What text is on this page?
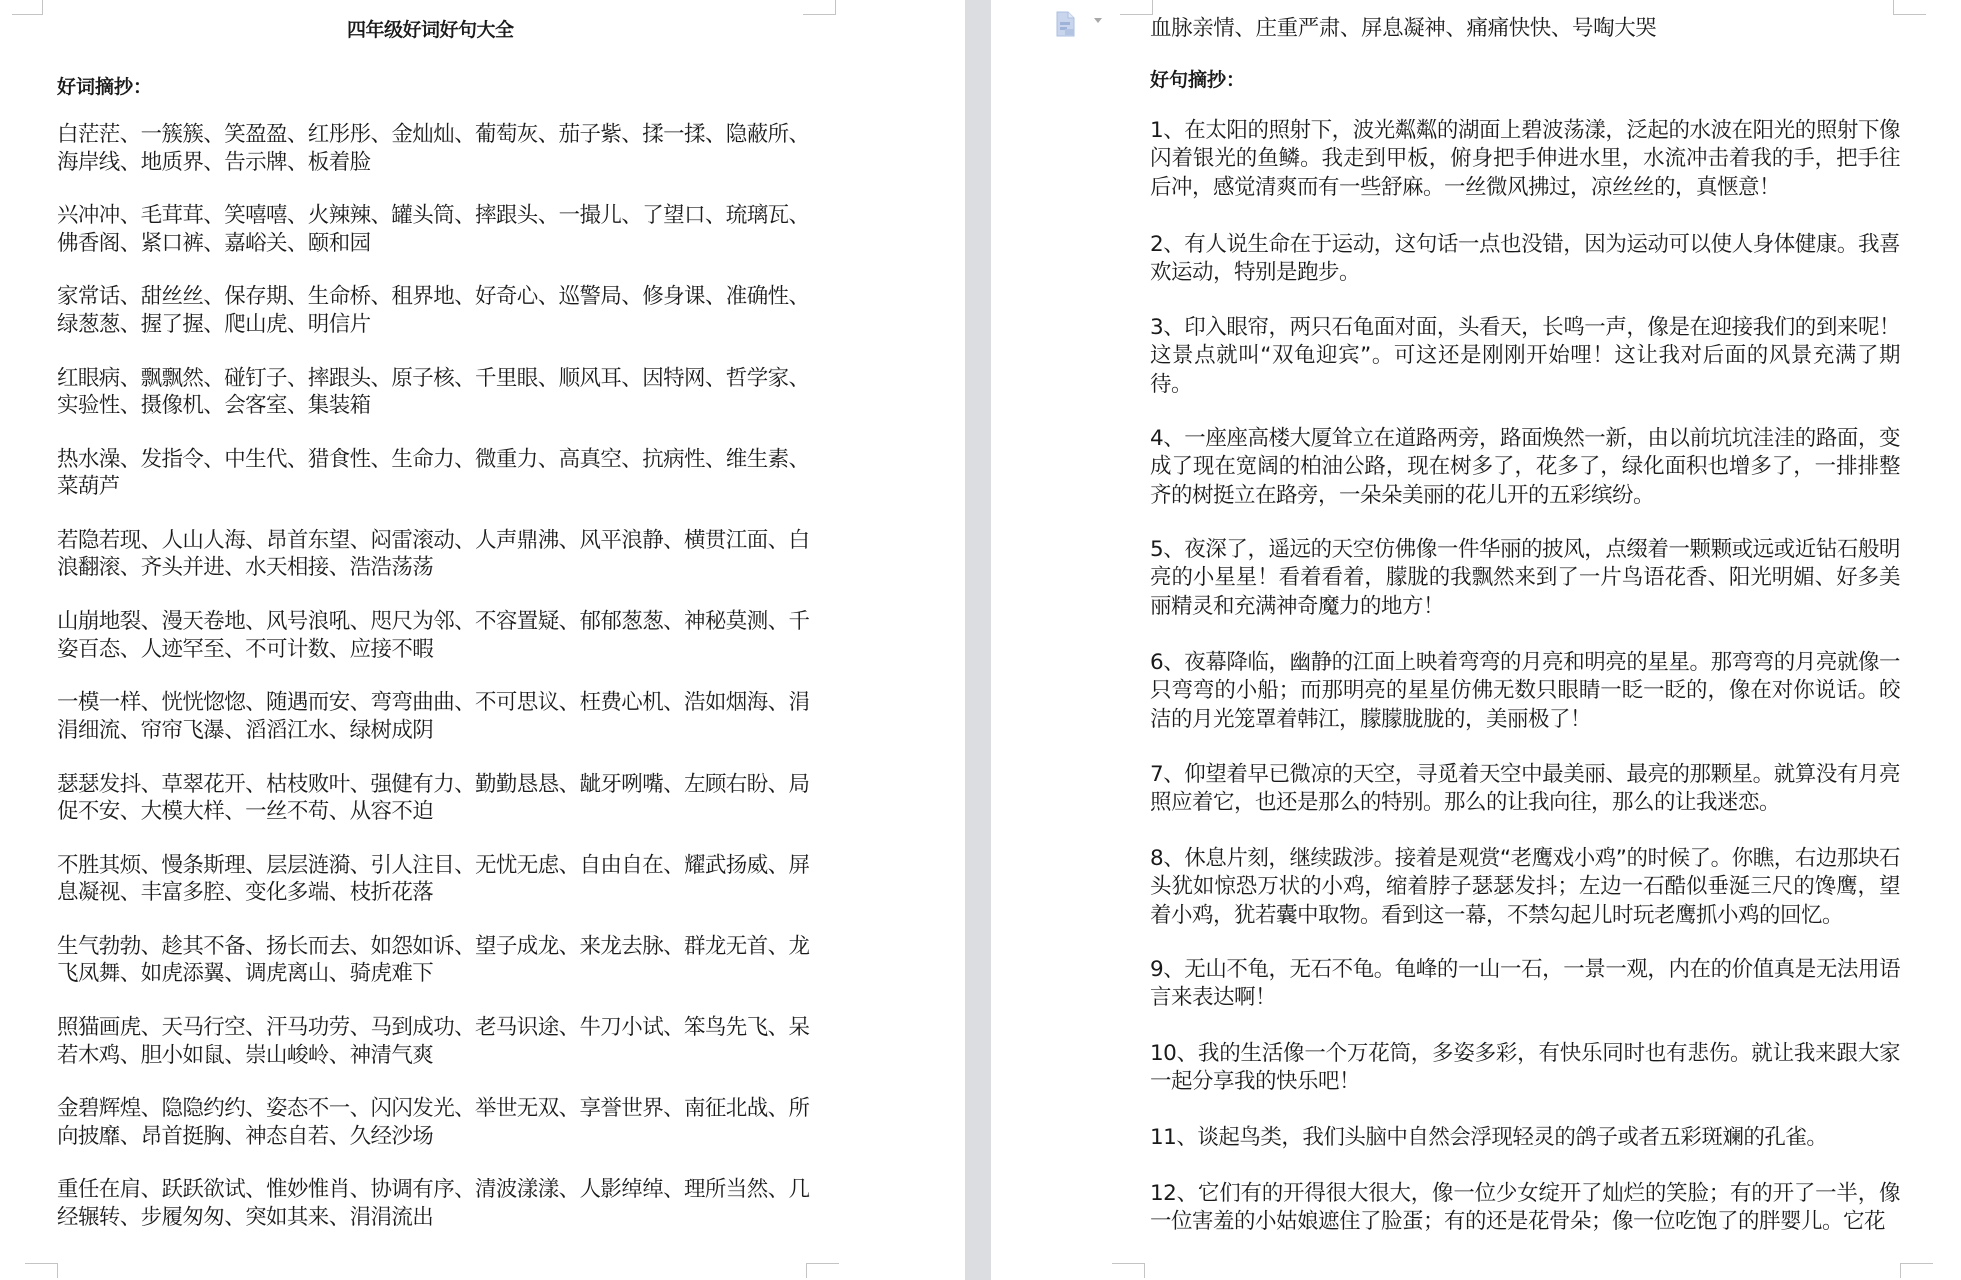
四年级好词好句大全
好词摘抄：
白茫茫、一簇簇、笑盈盈、红彤彤、金灿灿、葡萄灰、茄子紫、揉一揉、隐蔽所、海岸线、地质界、告示牌、板着脸
兴冲冲、毛茸茸、笑嘻嘻、火辣辣、罐头筒、摔跟头、一撮儿、了望口、琉璃瓦、佛香阁、紧口裤、嘉峪关、颐和园
家常话、甜丝丝、保存期、生命桥、租界地、好奇心、巡警局、修身课、准确性、绿葱葱、握了握、爬山虎、明信片
红眼病、飘飘然、碰钉子、摔跟头、原子核、千里眼、顺风耳、因特网、哲学家、实验性、摄像机、会客室、集装箱
热水澡、发指令、中生代、猎食性、生命力、微重力、高真空、抗病性、维生素、菜葫芦
若隐若现、人山人海、昂首东望、闷雷滚动、人声鼎沸、风平浪静、横贯江面、白浪翻滚、齐头并进、水天相接、浩浩荡荡
山崩地裂、漫天卷地、风号浪吼、咫尺为邻、不容置疑、郁郁葱葱、神秘莫测、千姿百态、人迹罕至、不可计数、应接不暇
一模一样、恍恍惚惚、随遇而安、弯弯曲曲、不可思议、枉费心机、浩如烟海、涓涓细流、帘帘飞瀑、滔滔江水、绿树成阴
瑟瑟发抖、草翠花开、枯枝败叶、强健有力、勤勤恳恳、龇牙咧嘴、左顾右盼、局促不安、大模大样、一丝不苟、从容不迫
不胜其烦、慢条斯理、层层涟漪、引人注目、无忧无虑、自由自在、耀武扬威、屏息凝视、丰富多腔、变化多端、枝折花落
生气勃勃、趁其不备、扬长而去、如怨如诉、望子成龙、来龙去脉、群龙无首、龙飞凤舞、如虎添翼、调虎离山、骑虎难下
照猫画虎、天马行空、汗马功劳、马到成功、老马识途、牛刀小试、笨鸟先飞、呆若木鸡、胆小如鼠、崇山峻岭、神清气爽
金碧辉煌、隐隐约约、姿态不一、闪闪发光、举世无双、享誉世界、南征北战、所向披靡、昂首挺胸、神态自若、久经沙场
重任在肩、跃跃欲试、惟妙惟肖、协调有序、清波漾漾、人影绰绰、理所当然、几经辗转、步履匆匆、突如其来、涓涓流出
血脉亲情、庄重严肃、屏息凝神、痛痛快快、号啕大哭
好句摘抄：
1、在太阳的照射下，波光粼粼的湖面上碧波荡漾，泛起的水波在阳光的照射下像闪着银光的鱼鳞。我走到甲板，俯身把手伸进水里，水流冲击着我的手，把手往后冲，感觉清爽而有一些舒麻。一丝微风拂过，凉丝丝的，真惬意！
2、有人说生命在于运动，这句话一点也没错，因为运动可以使人身体健康。我喜欢运动，特别是跑步。
3、印入眼帘，两只石龟面对面，头看天，长鸣一声，像是在迎接我们的到来呢！这景点就叫“双龟迎宾”。可这还是刚刚开始哩！这让我对后面的风景充满了期待。
4、一座座高楼大厦耸立在道路两旁，路面焕然一新，由以前坑坑洼洼的路面，变成了现在宽阔的柏油公路，现在树多了，花多了，绿化面积也增多了，一排排整齐的树挺立在路旁，一朵朵美丽的花儿开的五彩缤纷。
5、夜深了，遥远的天空仿佛像一件华丽的披风，点缀着一颗颗或远或近钻石般明亮的小星星！看着看着，朦胧的我飘然来到了一片鸟语花香、阳光明媚、好多美丽精灵和充满神奇魔力的地方！
6、夜幕降临，幽静的江面上映着弯弯的月亮和明亮的星星。那弯弯的月亮就像一只弯弯的小船；而那明亮的星星仿佛无数只眼睛一眨一眨的，像在对你说话。皎洁的月光笼罩着韩江，朦朦胧胧的，美丽极了！
7、仰望着早已微凉的天空，寻觅着天空中最美丽、最亮的那颗星。就算没有月亮照应着它，也还是那么的特别。那么的让我向往，那么的让我迷恋。
8、休息片刻，继续跋涉。接着是观赏“老鹰戏小鸡”的时候了。你瞧，右边那块石头犹如惊恐万状的小鸡，缩着脖子瑟瑟发抖；左边一石酷似垂涎三尺的馋鹰，望着小鸡，犹若囊中取物。看到这一幕，不禁勾起儿时玩老鹰抓小鸡的回忆。
9、无山不龟，无石不龟。龟峰的一山一石，一景一观，内在的价值真是无法用语言来表达啊！
10、我的生活像一个万花筒，多姿多彩，有快乐同时也有悲伤。就让我来跟大家一起分享我的快乐吧！
11、谈起鸟类，我们头脑中自然会浮现轻灵的鸽子或者五彩斑斓的孔雀。
12、它们有的开得很大很大，像一位少女绽开了灿烂的笑脸；有的开了一半，像一位害羞的小姑娘遮住了脸蛋；有的还是花骨朵；像一位吃饱了的胖婴儿。它花
